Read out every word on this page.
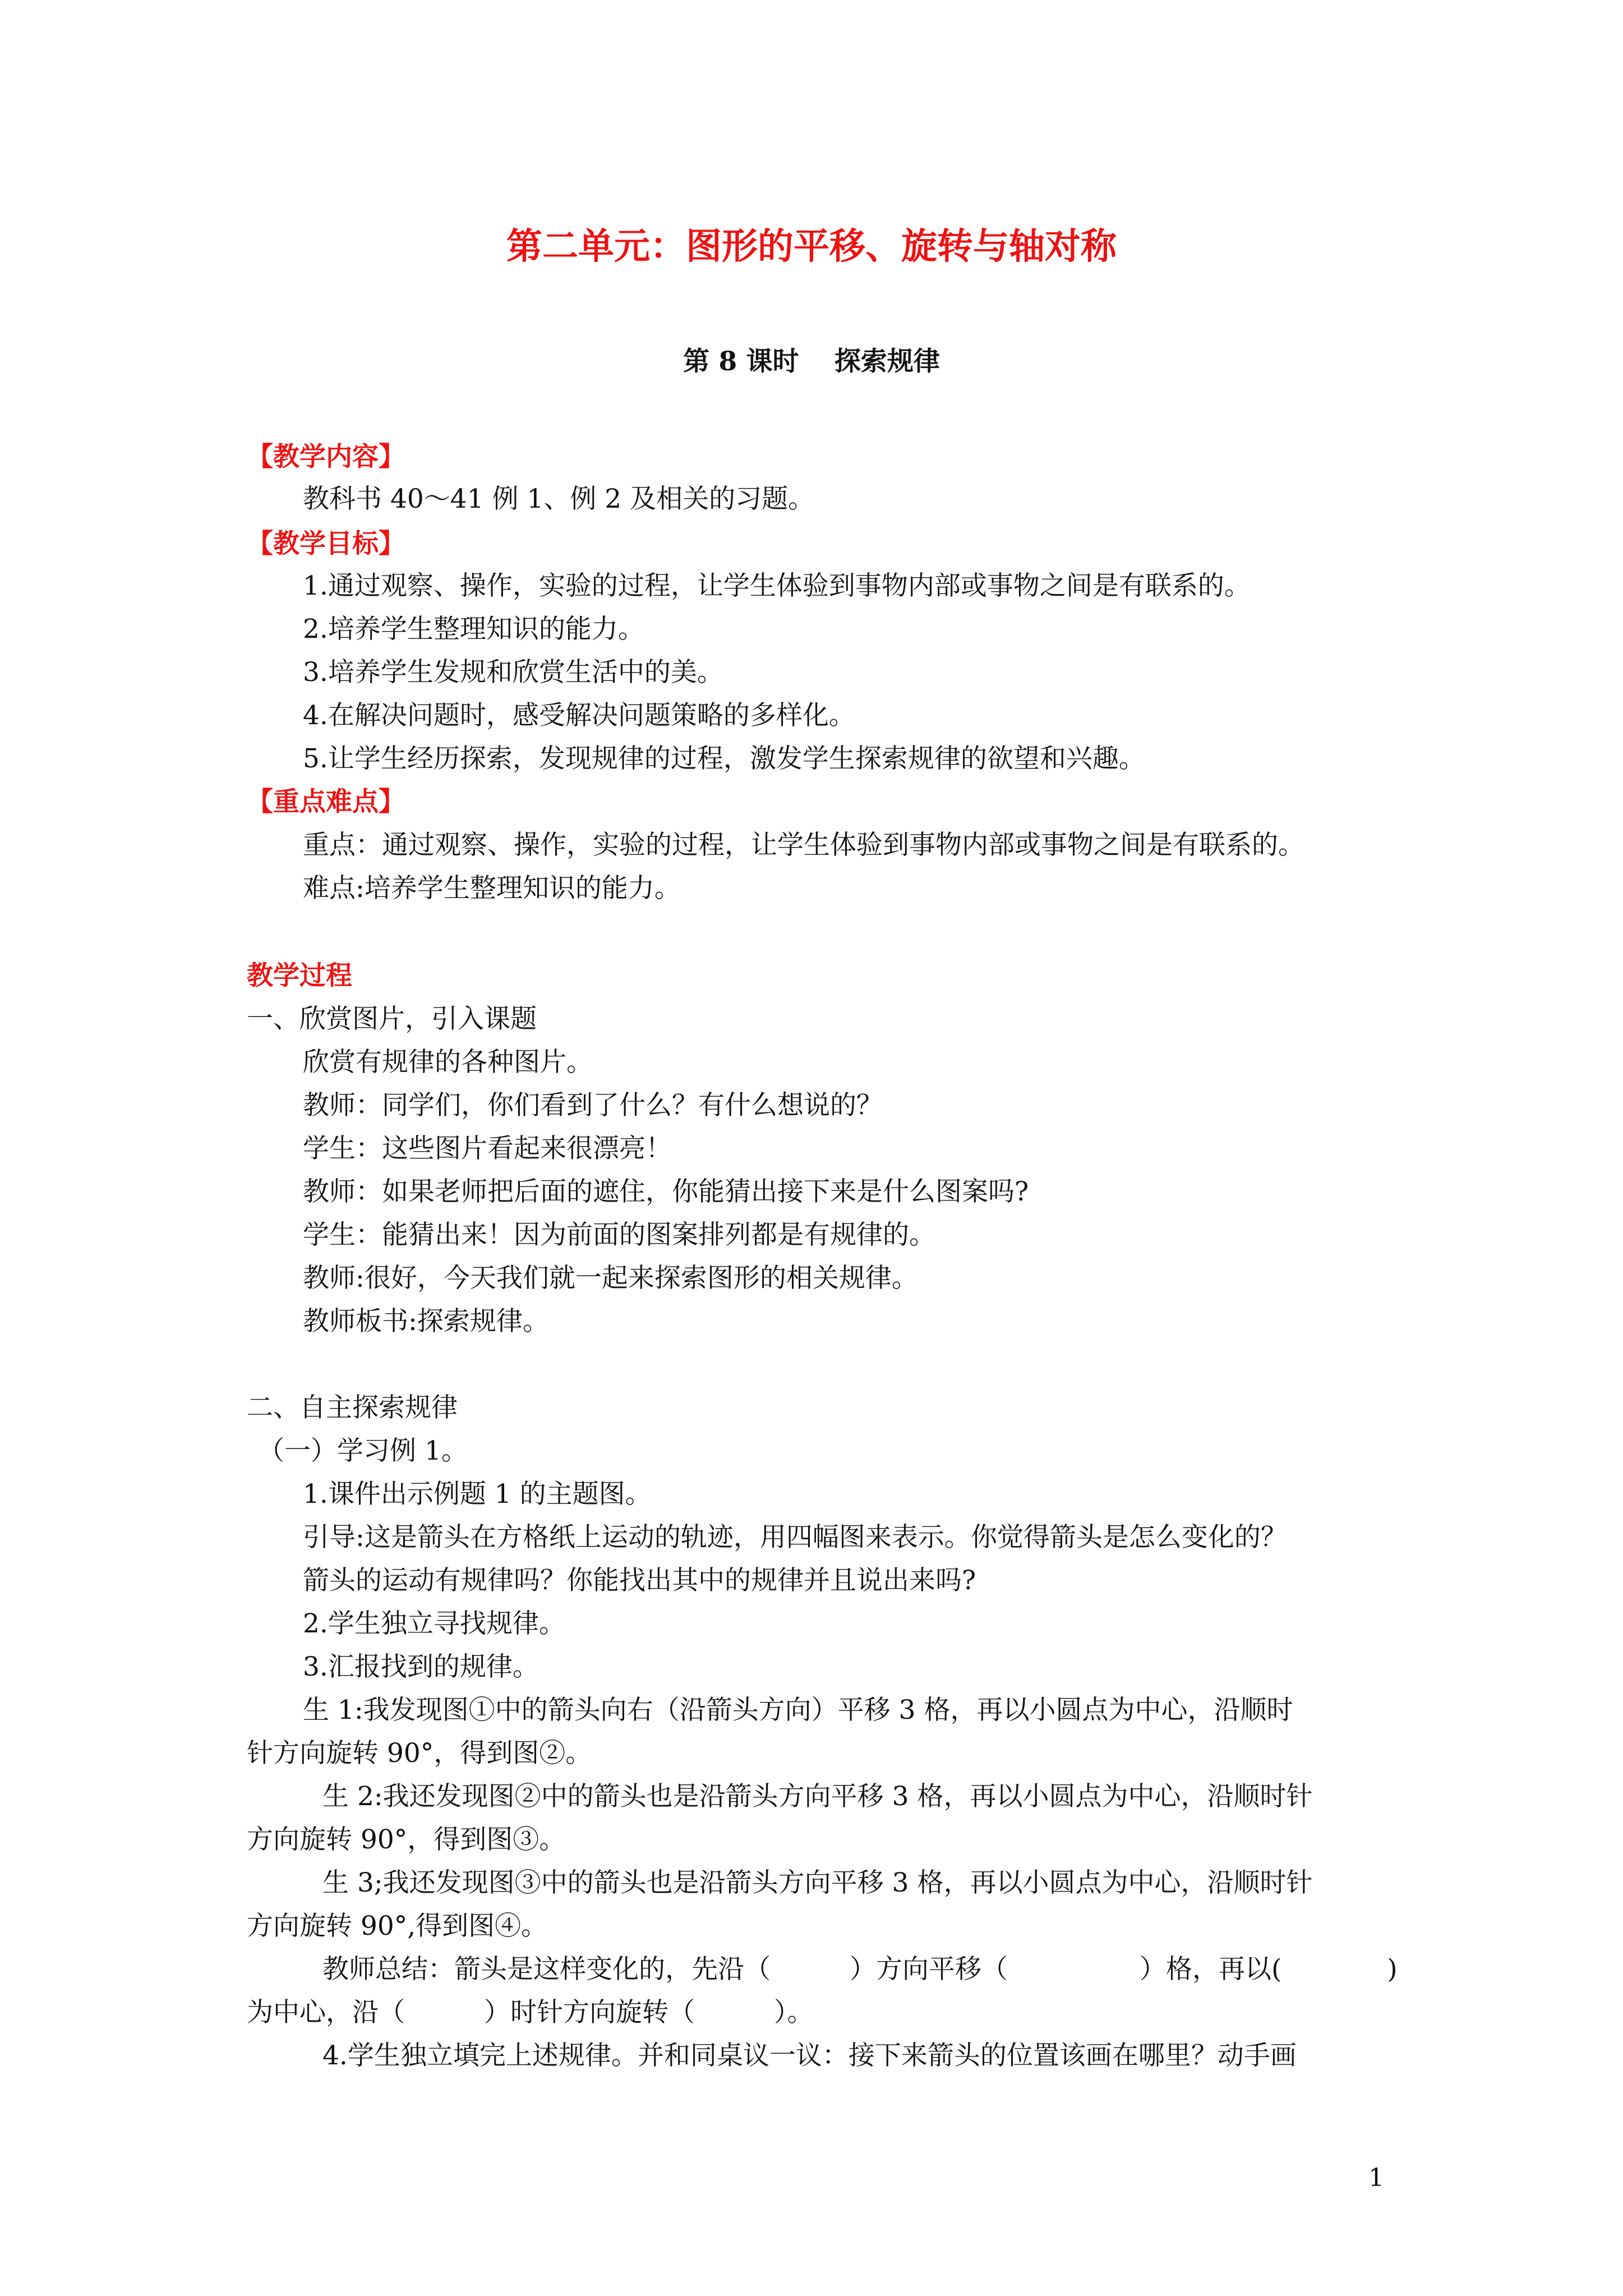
第二单元：图形的平移、旋转与轴对称
第 8 课时　 探索规律
【教学内容】
教科书 40～41 例 1、例 2 及相关的习题。
【教学目标】
1.通过观察、操作，实验的过程，让学生体验到事物内部或事物之间是有联系的。
2.培养学生整理知识的能力。
3.培养学生发规和欣赏生活中的美。
4.在解决问题时，感受解决问题策略的多样化。
5.让学生经历探索，发现规律的过程，激发学生探索规律的欲望和兴趣。
【重点难点】
重点：通过观察、操作，实验的过程，让学生体验到事物内部或事物之间是有联系的。
难点:培养学生整理知识的能力。
教学过程
一、欣赏图片，引入课题
欣赏有规律的各种图片。
教师：同学们，你们看到了什么？有什么想说的？
学生：这些图片看起来很漂亮！
教师：如果老师把后面的遮住，你能猜出接下来是什么图案吗?
学生：能猜出来！因为前面的图案排列都是有规律的。
教师:很好，今天我们就一起来探索图形的相关规律。
教师板书:探索规律。
二、自主探索规律
（一）学习例 1。
1.课件出示例题 1 的主题图。
引导:这是箭头在方格纸上运动的轨迹，用四幅图来表示。你觉得箭头是怎么变化的？
箭头的运动有规律吗？你能找出其中的规律并且说出来吗?
2.学生独立寻找规律。
3.汇报找到的规律。
生 1:我发现图①中的箭头向右（沿箭头方向）平移 3 格，再以小圆点为中心，沿顺时
针方向旋转 90°，得到图②。
生 2:我还发现图②中的箭头也是沿箭头方向平移 3 格，再以小圆点为中心，沿顺时针
方向旋转 90°，得到图③。
生 3;我还发现图③中的箭头也是沿箭头方向平移 3 格，再以小圆点为中心，沿顺时针
方向旋转 90°,得到图④。
教师总结：箭头是这样变化的，先沿（　　　）方向平移（　　　　　）格，再以(　　　　)
为中心，沿（　　　）时针方向旋转（　　　）。
4.学生独立填完上述规律。并和同桌议一议：接下来箭头的位置该画在哪里？动手画
1
